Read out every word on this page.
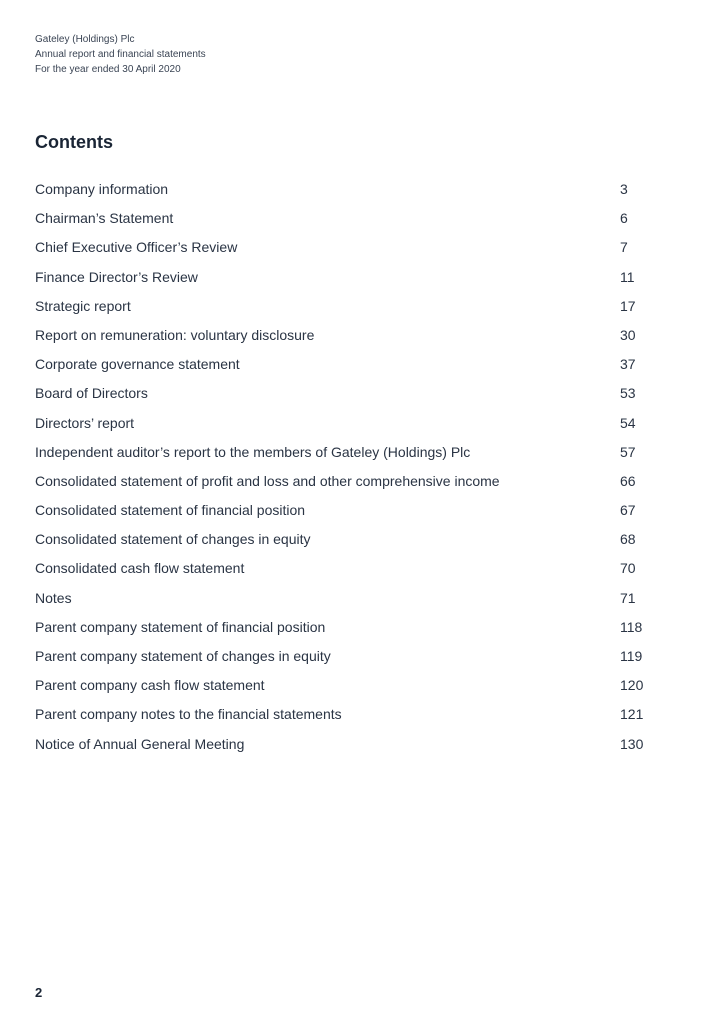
Gateley (Holdings) Plc
Annual report and financial statements
For the year ended 30 April 2020
Contents
Company information	3
Chairman’s Statement	6
Chief Executive Officer’s Review	7
Finance Director’s Review	11
Strategic report	17
Report on remuneration: voluntary disclosure	30
Corporate governance statement	37
Board of Directors	53
Directors’ report	54
Independent auditor’s report to the members of Gateley (Holdings) Plc	57
Consolidated statement of profit and loss and other comprehensive income	66
Consolidated statement of financial position	67
Consolidated statement of changes in equity	68
Consolidated cash flow statement	70
Notes	71
Parent company statement of financial position	118
Parent company statement of changes in equity	119
Parent company cash flow statement	120
Parent company notes to the financial statements	121
Notice of Annual General Meeting	130
2
